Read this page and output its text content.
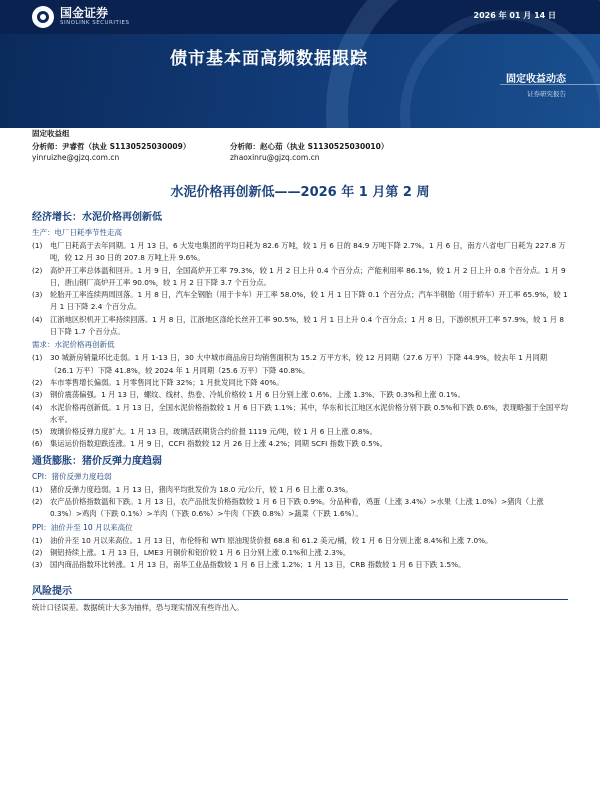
国金证券
SINOLINK SECURITIES
2026 年 01 月 14 日
债市基本面高频数据跟踪
固定收益动态
证券研究报告
固定收益组
分析师：尹睿哲（执业 S1130525030009）	分析师：赵心茹（执业 S1130525030010）
yinruizhe@gjzq.com.cn	zhaoxinru@gjzq.com.cn
水泥价格再创新低——2026 年 1 月第 2 周
经济增长：水泥价格再创新低
生产：电厂日耗季节性走高
(1)	电厂日耗高于去年同期。1 月 13 日，6 大发电集团的平均日耗为 82.6 万吨，较 1 月 6 日的 84.9 万吨下降 2.7%。1 月 6 日，南方八省电厂日耗为 227.8 万吨，较 12 月 30 日的 207.8 万吨上升 9.6%。
(2)	高炉开工率总体温和回升。1 月 9 日，全国高炉开工率 79.3%，较 1 月 2 日上升 0.4 个百分点；产能利用率 86.1%，较 1 月 2 日上升 0.8 个百分点。1 月 9 日，唐山钢厂高炉开工率 90.0%，较 1 月 2 日下降 3.7 个百分点。
(3)	轮胎开工率连续两周回落。1 月 8 日，汽车全钢胎（用于卡车）开工率 58.0%，较 1 月 1 日下降 0.1 个百分点；汽车半钢胎（用于轿车）开工率 65.9%，较 1 月 1 日下降 2.4 个百分点。
(4)	江浙地区织机开工率持续回落。1 月 8 日，江浙地区涤纶长丝开工率 90.5%，较 1 月 1 日上升 0.4 个百分点；1 月 8 日，下游织机开工率 57.9%，较 1 月 8 日下降 1.7 个百分点。
需求：水泥价格再创新低
(1)	30 城新房销量环比走弱。1 月 1-13 日，30 大中城市商品房日均销售面积为 15.2 万平方米，较 12 月同期（27.6 万平）下降 44.9%，较去年 1 月同期（26.1 万平）下降 41.8%，较 2024 年 1 月同期（25.6 万平）下降 40.8%。
(2)	车市零售增长偏弱。1 月零售同比下降 32%；1 月批发同比下降 40%。
(3)	钢价震荡偏强。1 月 13 日，螺纹、线材、热卷、冷轧价格较 1 月 6 日分别上涨 0.6%、上涨 1.3%、下跌 0.3%和上涨 0.1%。
(4)	水泥价格再创新低。1 月 13 日，全国水泥价格指数较 1 月 6 日下跌 1.1%；其中，华东和长江地区水泥价格分别下跌 0.5%和下跌 0.6%，表现略强于全国平均水平。
(5)	玻璃价格反弹力度扩大。1 月 13 日，玻璃活跃期货合约价报 1119 元/吨，较 1 月 6 日上涨 0.8%。
(6)	集运运价指数迎跌连涨。1 月 9 日，CCFI 指数较 12 月 26 日上涨 4.2%；同期 SCFI 指数下跌 0.5%。
通货膨胀：猪价反弹力度趋弱
CPI：猪价反弹力度趋弱
(1)	猪价反弹力度趋弱。1 月 13 日，猪肉平均批发价为 18.0 元/公斤，较 1 月 6 日上涨 0.3%。
(2)	农产品价格指数温和下跌。1 月 13 日，农产品批发价格指数较 1 月 6 日下跌 0.9%。分品种看，鸡蛋（上涨 3.4%）>水果（上涨 1.0%）>猪肉（上涨 0.3%）>鸡肉（下跌 0.1%）>羊肉（下跌 0.6%）>牛肉（下跌 0.8%）>蔬菜（下跌 1.6%）。
PPI：油价升至 10 月以来高位
(1)	油价升至 10 月以来高位。1 月 13 日，布伦特和 WTI 原油现货价报 68.8 和 61.2 美元/桶，较 1 月 6 日分别上涨 8.4%和上涨 7.0%。
(2)	铜铝持续上涨。1 月 13 日，LME3 月铜价和铝价较 1 月 6 日分别上涨 0.1%和上涨 2.3%。
(3)	国内商品指数环比转涨。1 月 13 日，南华工业品指数较 1 月 6 日上涨 1.2%；1 月 13 日，CRB 指数较 1 月 6 日下跌 1.5%。
风险提示
统计口径误差。数据统计大多为抽样，恐与现实情况有些许出入。
